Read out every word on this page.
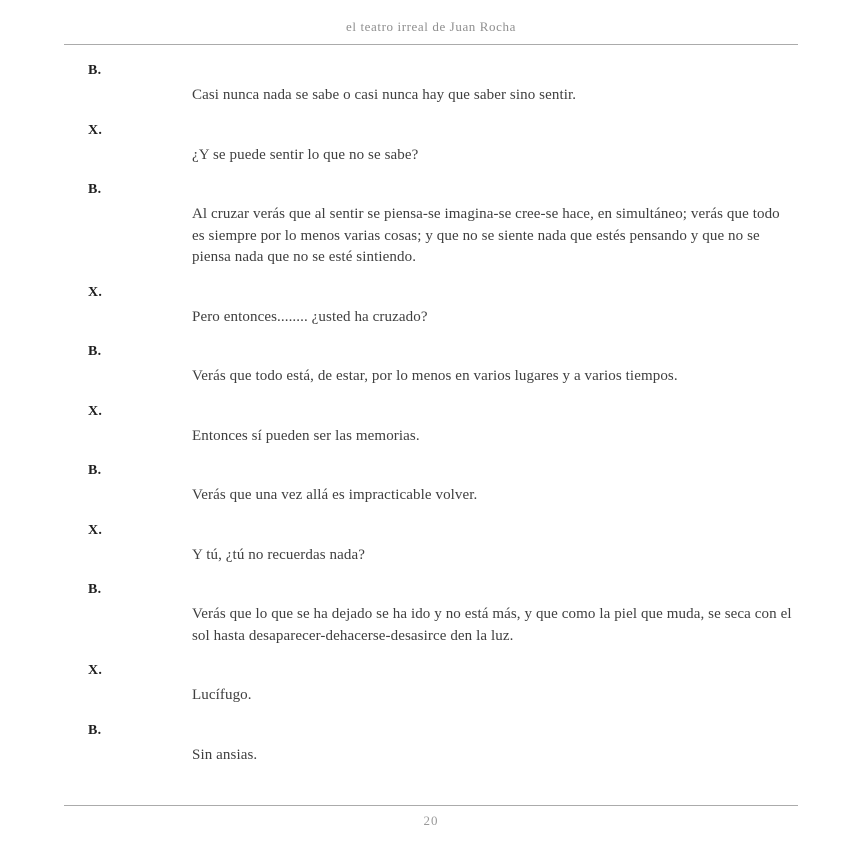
el teatro irreal de Juan Rocha
B.

Casi nunca nada se sabe o casi nunca hay que saber sino sentir.

X.

¿Y se puede sentir lo que no se sabe?

B.

Al cruzar verás que al sentir se piensa-se imagina-se cree-se hace, en simultáneo; verás que todo es siempre por lo menos varias cosas; y que no se siente nada que estés pensando y que no se piensa nada que no se esté sintiendo.

X.

Pero entonces........ ¿usted ha cruzado?

B.

Verás que todo está, de estar, por lo menos en varios lugares y a varios tiempos.

X.

Entonces sí pueden ser las memorias.

B.

Verás que una vez allá es impracticable volver.

X.

Y tú, ¿tú no recuerdas nada?

B.

Verás que lo que se ha dejado se ha ido y no está más, y que como la piel que muda, se seca con el sol hasta desaparecer-dehacerse-desasirce den la luz.

X.

Lucífugo.

B.

Sin ansias.

20
